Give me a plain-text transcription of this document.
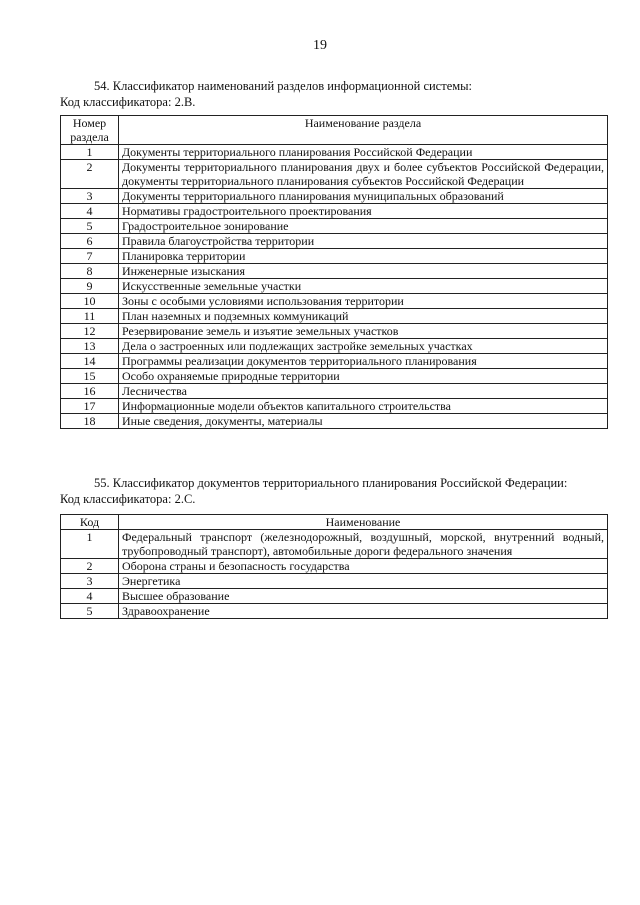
19
54. Классификатор наименований разделов информационной системы:
Код классификатора: 2.В.
Номер раздела	Наименование раздела
1	Документы территориального планирования Российской Федерации
2	Документы территориального планирования двух и более субъектов Российской Федерации, документы территориального планирования субъектов Российской Федерации
3	Документы территориального планирования муниципальных образований
4	Нормативы градостроительного проектирования
5	Градостроительное зонирование
6	Правила благоустройства территории
7	Планировка территории
8	Инженерные изыскания
9	Искусственные земельные участки
10	Зоны с особыми условиями использования территории
11	План наземных и подземных коммуникаций
12	Резервирование земель и изъятие земельных участков
13	Дела о застроенных или подлежащих застройке земельных участках
14	Программы реализации документов территориального планирования
15	Особо охраняемые природные территории
16	Лесничества
17	Информационные модели объектов капитального строительства
18	Иные сведения, документы, материалы
55. Классификатор документов территориального планирования Российской Федерации:
Код классификатора: 2.С.
Код	Наименование
1	Федеральный транспорт (железнодорожный, воздушный, морской, внутренний водный, трубопроводный транспорт), автомобильные дороги федерального значения
2	Оборона страны и безопасность государства
3	Энергетика
4	Высшее образование
5	Здравоохранение
